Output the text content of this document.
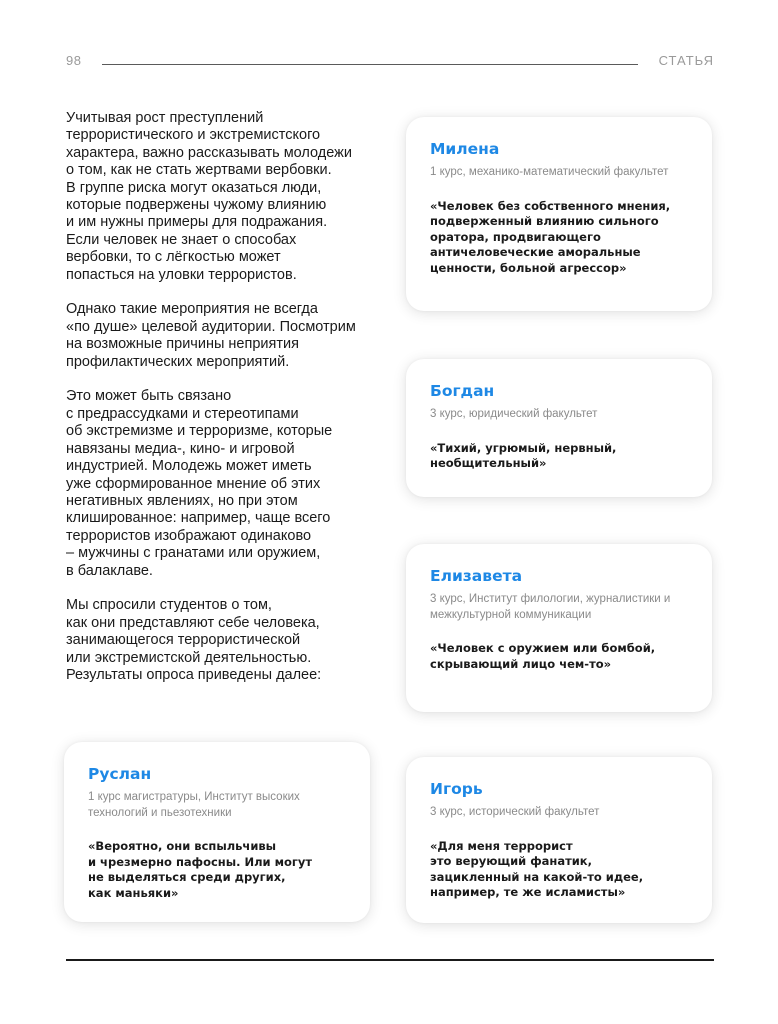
98	СТАТЬЯ

Учитывая рост преступлений
террористического и экстремистского
характера, важно рассказывать молодежи
о том, как не стать жертвами вербовки.
В группе риска могут оказаться люди,
которые подвержены чужому влиянию
и им нужны примеры для подражания.
Если человек не знает о способах
вербовки, то с лёгкостью может
попасться на уловки террористов.

Однако такие мероприятия не всегда
«по душе» целевой аудитории. Посмотрим
на возможные причины неприятия
профилактических мероприятий.

Это может быть связано
с предрассудками и стереотипами
об экстремизме и терроризме, которые
навязаны медиа-, кино- и игровой
индустрией. Молодежь может иметь
уже сформированное мнение об этих
негативных явлениях, но при этом
клишированное: например, чаще всего
террористов изображают одинаково
– мужчины с гранатами или оружием,
в балаклаве.

Мы спросили студентов о том,
как они представляют себе человека,
занимающегося террористической
или экстремистской деятельностью.
Результаты опроса приведены далее:

Милена
1 курс, механико-математический факультет
«Человек без собственного мнения,
подверженный влиянию сильного
оратора, продвигающего
античеловеческие аморальные
ценности, больной агрессор»
Богдан
3 курс, юридический факультет
«Тихий, угрюмый, нервный,
необщительный»
Елизавета
3 курс, Институт филологии, журналистики и межкультурной коммуникации
«Человек с оружием или бомбой,
скрывающий лицо чем-то»
Руслан
1 курс магистратуры, Институт высоких технологий и пьезотехники
«Вероятно, они вспыльчивы
и чрезмерно пафосны. Или могут
не выделяться среди других,
как маньяки»
Игорь
3 курс, исторический факультет
«Для меня террорист
это верующий фанатик,
зацикленный на какой-то идее,
например, те же исламисты»
